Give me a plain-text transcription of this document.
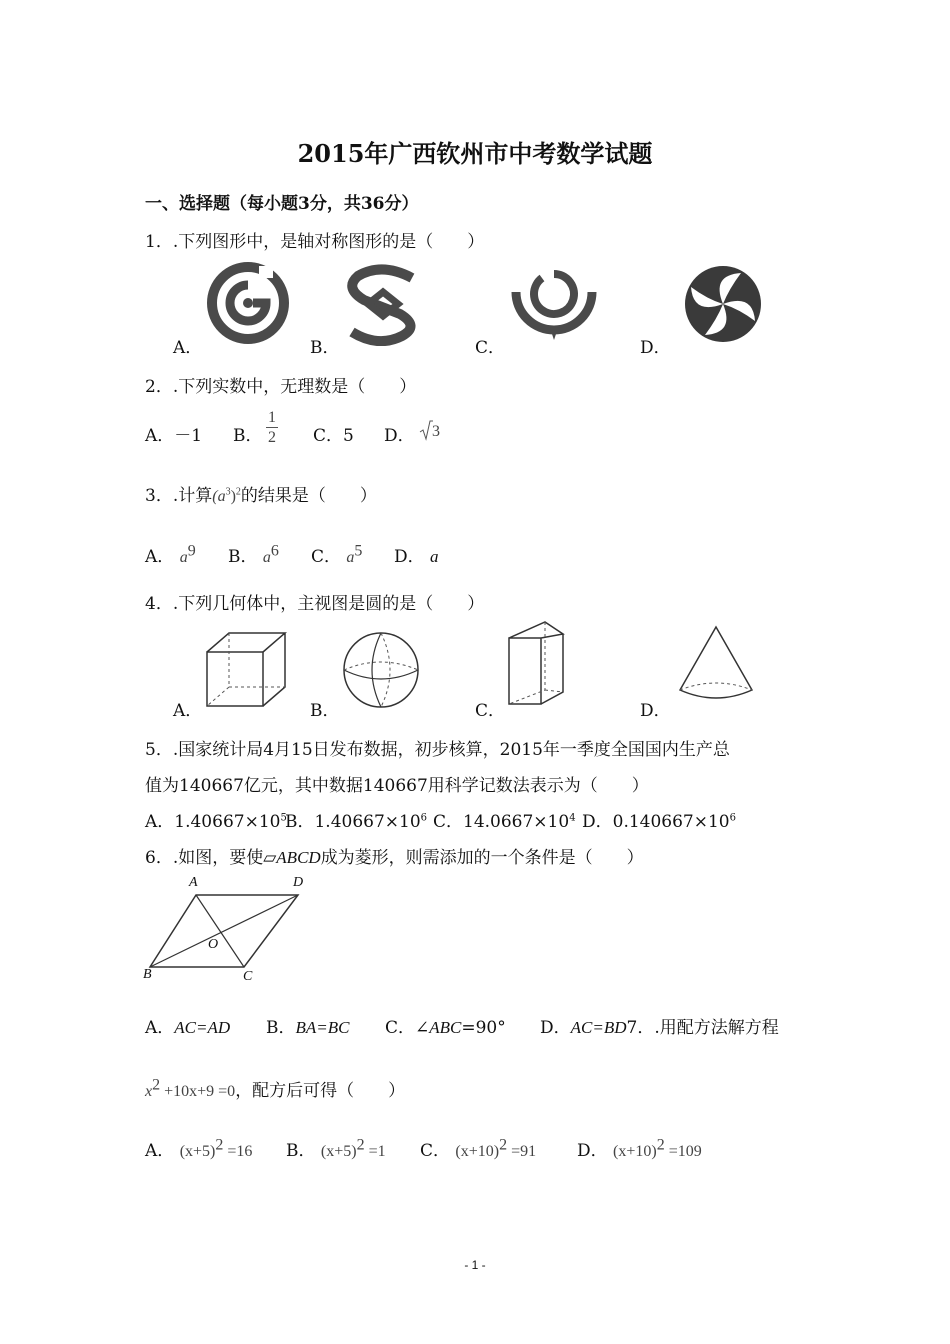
2015年广西钦州市中考数学试题
一、选择题（每小题3分，共36分）
1．.下列图形中，是轴对称图形的是（　　）
A．	B．	C．	D．
2．.下列实数中，无理数是（　　）
A．－1 B． $\frac{1}{2}$ C．5 D． 3
3．.计算$(a^3)^2$的结果是（　　）
A． $a^9$ B． $a^6$ C． $a^5$ D． a
4．.下列几何体中，主视图是圆的是（　　）
A．	B．	C．	D．
5．.国家统计局4月15日发布数据，初步核算，2015年一季度全国国内生产总
值为140667亿元，其中数据140667用科学记数法表示为（　　）
A．$1.40667\times 10^5$
B．$1.40667\times 10^6$ C．$14.0667\times 10^4$ D．$0.140667\times 10^6$
6．.如图，要使▱ABCD成为菱形，则需添加的一个条件是（　　）
A	D
O
B	C
A．AC=AD B．BA=BC C．∠ABC=90° D．AC=BD7．.用配方法解方程
$x^2 +10x+9 =0$，配方后可得（　　）
A． $(x+5)^2 =16$ B． $(x+5)^2 =1$ C． $(x+10)^2 =91$ D． $(x+10)^2 =109$
- 1 -
